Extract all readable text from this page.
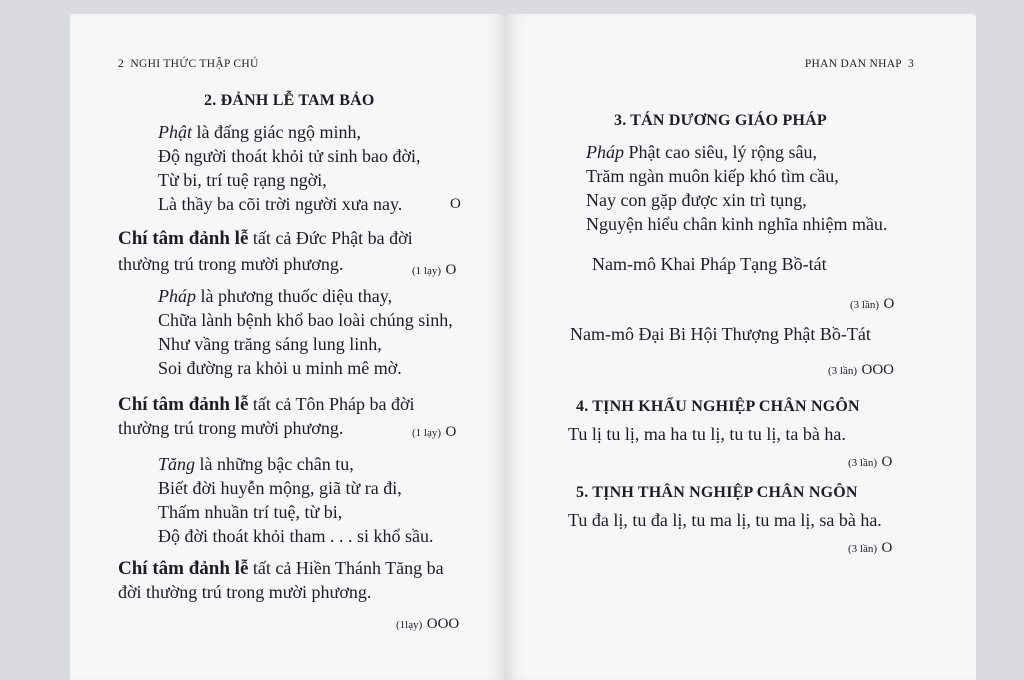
2 NGHI THỨC THẬP CHÚ
2. ĐẢNH LỄ TAM BẢO
Phật là đấng giác ngộ minh,
Độ người thoát khỏi tử sinh bao đời,
Từ bi, trí tuệ rạng ngời,
Là thầy ba cõi trời người xưa nay.	O
Chí tâm đảnh lễ tất cả Đức Phật ba đời
thường trú trong mười phương.	(1 lạy) O
Pháp là phương thuốc diệu thay,
Chữa lành bệnh khổ bao loài chúng sinh,
Như vầng trăng sáng lung linh,
Soi đường ra khỏi u minh mê mờ.
Chí tâm đảnh lễ tất cả Tôn Pháp ba đời
thường trú trong mười phương.	(1 lạy) O
Tăng là những bậc chân tu,
Biết đời huyễn mộng, giã từ ra đi,
Thấm nhuần trí tuệ, từ bi,
Độ đời thoát khỏi tham . . . si khổ sầu.
Chí tâm đảnh lễ tất cả Hiền Thánh Tăng ba
đời thường trú trong mười phương.
(1lạy) OOO
PHAN DAN NHAP 3
3. TÁN DƯƠNG GIÁO PHÁP
Pháp Phật cao siêu, lý rộng sâu,
Trăm ngàn muôn kiếp khó tìm cầu,
Nay con gặp được xin trì tụng,
Nguyện hiểu chân kinh nghĩa nhiệm mầu.
Nam-mô Khai Pháp Tạng Bồ-tát
(3 lần) O
Nam-mô Đại Bi Hội Thượng Phật Bồ-Tát
(3 lần) OOO
4. TỊNH KHẨU NGHIỆP CHÂN NGÔN
Tu lị tu lị, ma ha tu lị, tu tu lị, ta bà ha.
(3 lần) O
5. TỊNH THÂN NGHIỆP CHÂN NGÔN
Tu đa lị, tu đa lị, tu ma lị, tu ma lị, sa bà ha.
(3 lần) O
